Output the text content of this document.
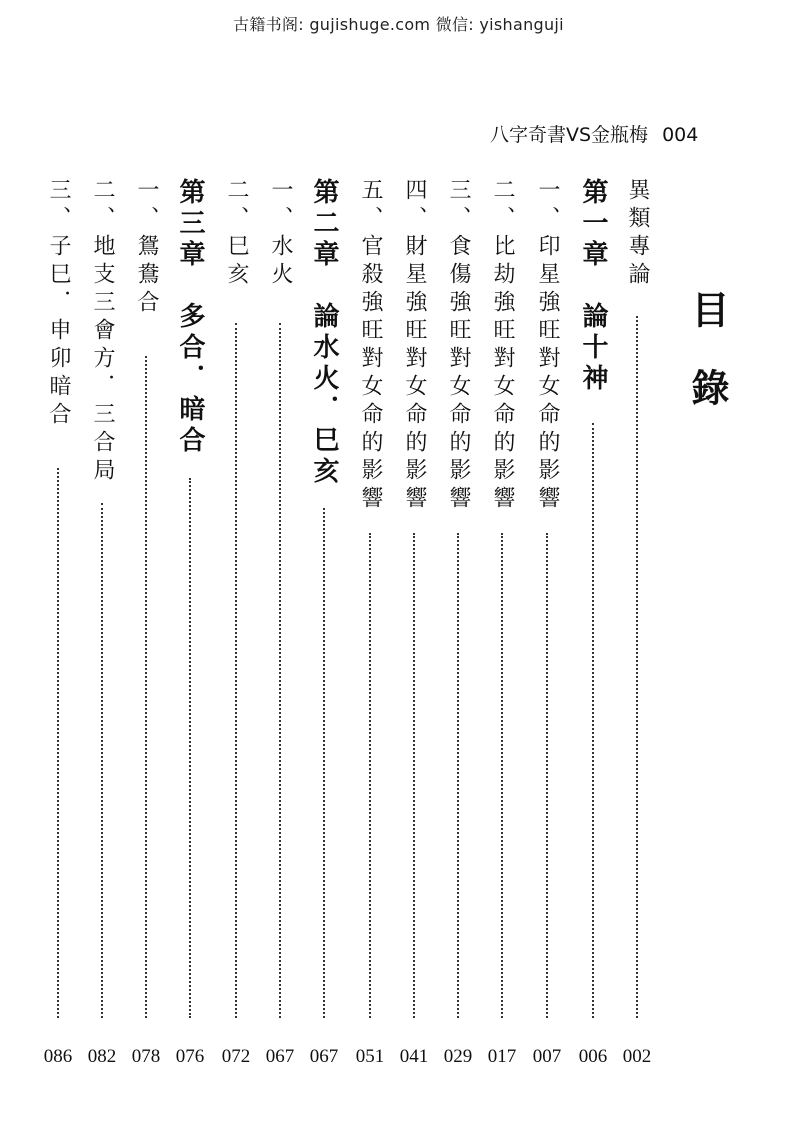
古籍书阁: gujishuge.com 微信: yishanguji
八字奇書VS金瓶梅 004
目錄
異類專論
002
第一章　論十神
006
一、印星強旺對女命的影響
007
二、比劫強旺對女命的影響
017
三、食傷強旺對女命的影響
029
四、財星強旺對女命的影響
041
五、官殺強旺對女命的影響
051
第二章　論水火．巳亥
067
一、水火
067
二、巳亥
072
第三章　多合．暗合
076
一、鴛鴦合
078
二、地支三會方．三合局
082
三、子巳．申卯暗合
086
